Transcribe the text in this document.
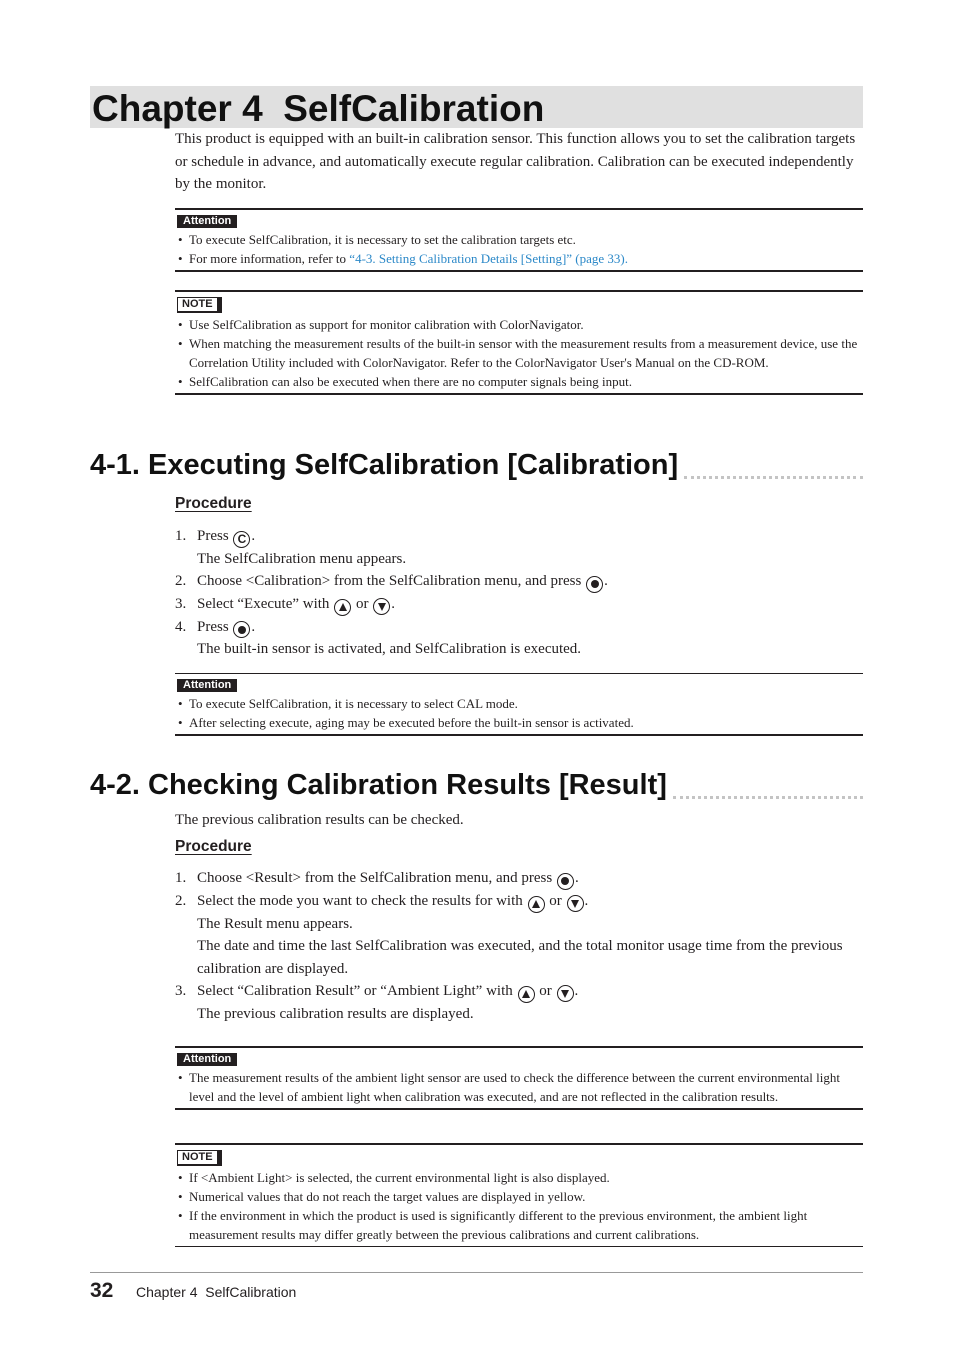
Chapter 4  SelfCalibration
This product is equipped with an built-in calibration sensor. This function allows you to set the calibration targets or schedule in advance, and automatically execute regular calibration. Calibration can be executed independently by the monitor.
Attention
• To execute SelfCalibration, it is necessary to set the calibration targets etc.
• For more information, refer to “4-3. Setting Calibration Details [Setting]” (page 33).
NOTE
• Use SelfCalibration as support for monitor calibration with ColorNavigator.
• When matching the measurement results of the built-in sensor with the measurement results from a measurement device, use the Correlation Utility included with ColorNavigator. Refer to the ColorNavigator User's Manual on the CD-ROM.
• SelfCalibration can also be executed when there are no computer signals being input.
4-1. Executing SelfCalibration [Calibration]
Procedure
1. Press C .
The SelfCalibration menu appears.
2. Choose <Calibration> from the SelfCalibration menu, and press
.
3. Select “Execute” with
or
.
4. Press
.
The built-in sensor is activated, and SelfCalibration is executed.
Attention
• To execute SelfCalibration, it is necessary to select CAL mode.
• After selecting execute, aging may be executed before the built-in sensor is activated.
4-2. Checking Calibration Results [Result]
The previous calibration results can be checked.
Procedure
1. Choose <Result> from the SelfCalibration menu, and press
.
2. Select the mode you want to check the results for with
or
.
The Result menu appears.
The date and time the last SelfCalibration was executed, and the total monitor usage time from the previous calibration are displayed.
3. Select “Calibration Result” or “Ambient Light” with
or
.
The previous calibration results are displayed.
Attention
• The measurement results of the ambient light sensor are used to check the difference between the current environmental light level and the level of ambient light when calibration was executed, and are not reflected in the calibration results.
NOTE
• If <Ambient Light> is selected, the current environmental light is also displayed.
• Numerical values that do not reach the target values are displayed in yellow.
• If the environment in which the product is used is significantly different to the previous environment, the ambient light measurement results may differ greatly between the previous calibrations and current calibrations.
32 Chapter 4  SelfCalibration
